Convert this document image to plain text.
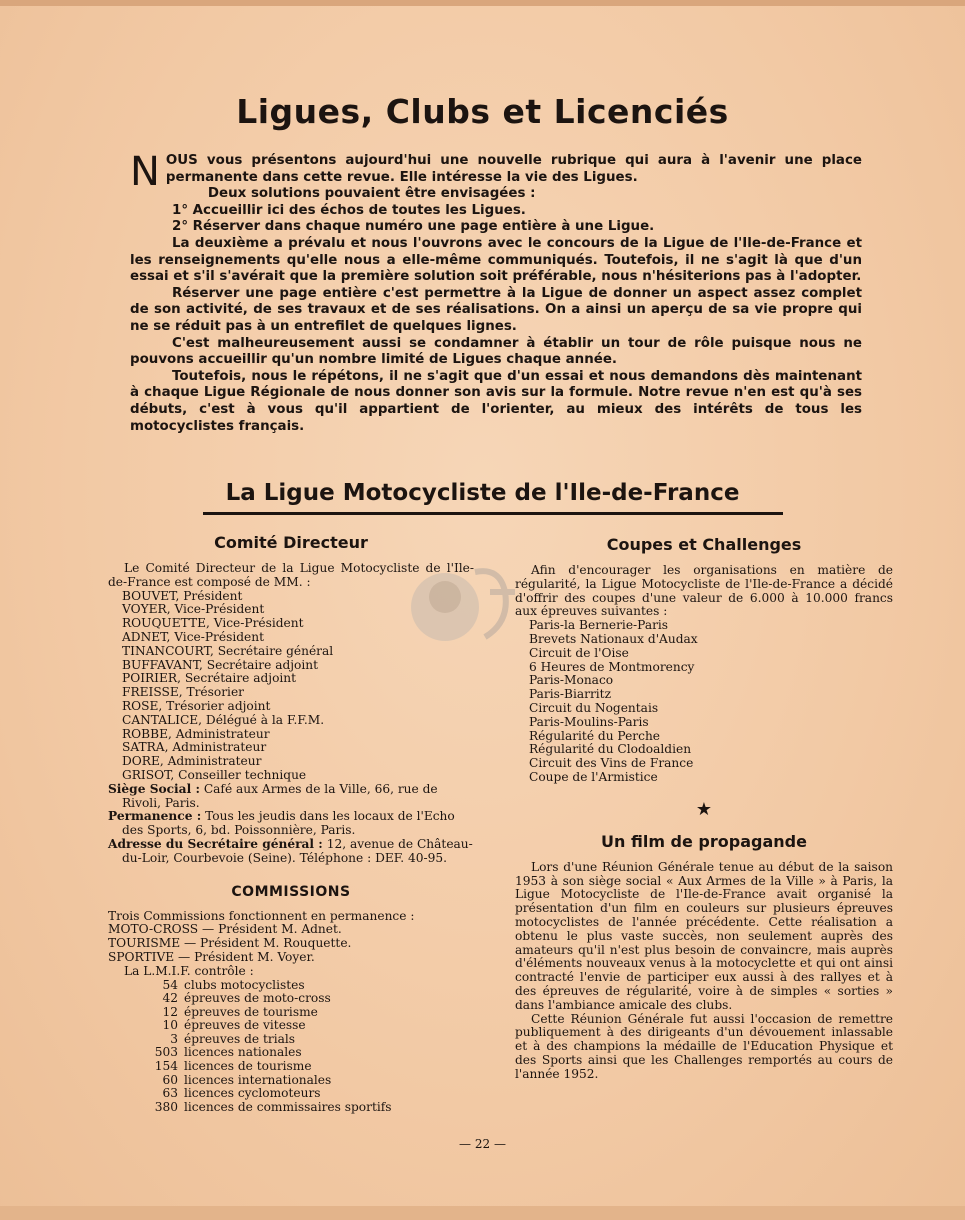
Ligues, Clubs et Licenciés

NOUS vous présentons aujourd'hui une nouvelle rubrique qui aura à l'avenir une place permanente dans cette revue. Elle intéresse la vie des Ligues.

Deux solutions pouvaient être envisagées :

1° Accueillir ici des échos de toutes les Ligues.

2° Réserver dans chaque numéro une page entière à une Ligue.

La deuxième a prévalu et nous l'ouvrons avec le concours de la Ligue de l'Ile-de-France et les renseignements qu'elle nous a elle-même communiqués. Toutefois, il ne s'agit là que d'un essai et s'il s'avérait que la première solution soit préférable, nous n'hésiterions pas à l'adopter.

Réserver une page entière c'est permettre à la Ligue de donner un aspect assez complet de son activité, de ses travaux et de ses réalisations. On a ainsi un aperçu de sa vie propre qui ne se réduit pas à un entrefilet de quelques lignes.

C'est malheureusement aussi se condamner à établir un tour de rôle puisque nous ne pouvons accueillir qu'un nombre limité de Ligues chaque année.

Toutefois, nous le répétons, il ne s'agit que d'un essai et nous demandons dès maintenant à chaque Ligue Régionale de nous donner son avis sur la formule. Notre revue n'en est qu'à ses débuts, c'est à vous qu'il appartient de l'orienter, au mieux des intérêts de tous les motocyclistes français.

La Ligue Motocycliste de l'Ile-de-France
Comité Directeur

Le Comité Directeur de la Ligue Motocycliste de l'Ile-de-France est composé de MM. :

BOUVET, Président
VOYER, Vice-Président
ROUQUETTE, Vice-Président
ADNET, Vice-Président
TINANCOURT, Secrétaire général
BUFFAVANT, Secrétaire adjoint
POIRIER, Secrétaire adjoint
FREISSE, Trésorier
ROSE, Trésorier adjoint
CANTALICE, Délégué à la F.F.M.
ROBBE, Administrateur
SATRA, Administrateur
DORE, Administrateur
GRISOT, Conseiller technique

Siège Social : Café aux Armes de la Ville, 66, rue de Rivoli, Paris.

Permanence : Tous les jeudis dans les locaux de l'Echo des Sports, 6, bd. Poissonnière, Paris.

Adresse du Secrétaire général : 12, avenue de Château-du-Loir, Courbevoie (Seine). Téléphone : DEF. 40-95.

COMMISSIONS

Trois Commissions fonctionnent en permanence :

MOTO-CROSS — Président M. Adnet.

TOURISME — Président M. Rouquette.

SPORTIVE — Président M. Voyer.

La L.M.I.F. contrôle :

54	clubs motocyclistes
42	épreuves de moto-cross
12	épreuves de tourisme
10	épreuves de vitesse
3	épreuves de trials
503	licences nationales
154	licences de tourisme
60	licences internationales
63	licences cyclomoteurs
380	licences de commissaires sportifs
Coupes et Challenges

Afin d'encourager les organisations en matière de régularité, la Ligue Motocycliste de l'Ile-de-France a décidé d'offrir des coupes d'une valeur de 6.000 à 10.000 francs aux épreuves suivantes :

Paris-la Bernerie-Paris
Brevets Nationaux d'Audax
Circuit de l'Oise
6 Heures de Montmorency
Paris-Monaco
Paris-Biarritz
Circuit du Nogentais
Paris-Moulins-Paris
Régularité du Perche
Régularité du Clodoaldien
Circuit des Vins de France
Coupe de l'Armistice
★
Un film de propagande

Lors d'une Réunion Générale tenue au début de la saison 1953 à son siège social « Aux Armes de la Ville » à Paris, la Ligue Motocycliste de l'Ile-de-France avait organisé la présentation d'un film en couleurs sur plusieurs épreuves motocyclistes de l'année précédente. Cette réalisation a obtenu le plus vaste succès, non seulement auprès des amateurs qu'il n'est plus besoin de convaincre, mais auprès d'éléments nouveaux venus à la motocyclette et qui ont ainsi contracté l'envie de participer eux aussi à des rallyes et à des épreuves de régularité, voire à de simples « sorties » dans l'ambiance amicale des clubs.

Cette Réunion Générale fut aussi l'occasion de remettre publiquement à des dirigeants d'un dévouement inlassable et à des champions la médaille de l'Education Physique et des Sports ainsi que les Challenges remportés au cours de l'année 1952.

— 22 —
